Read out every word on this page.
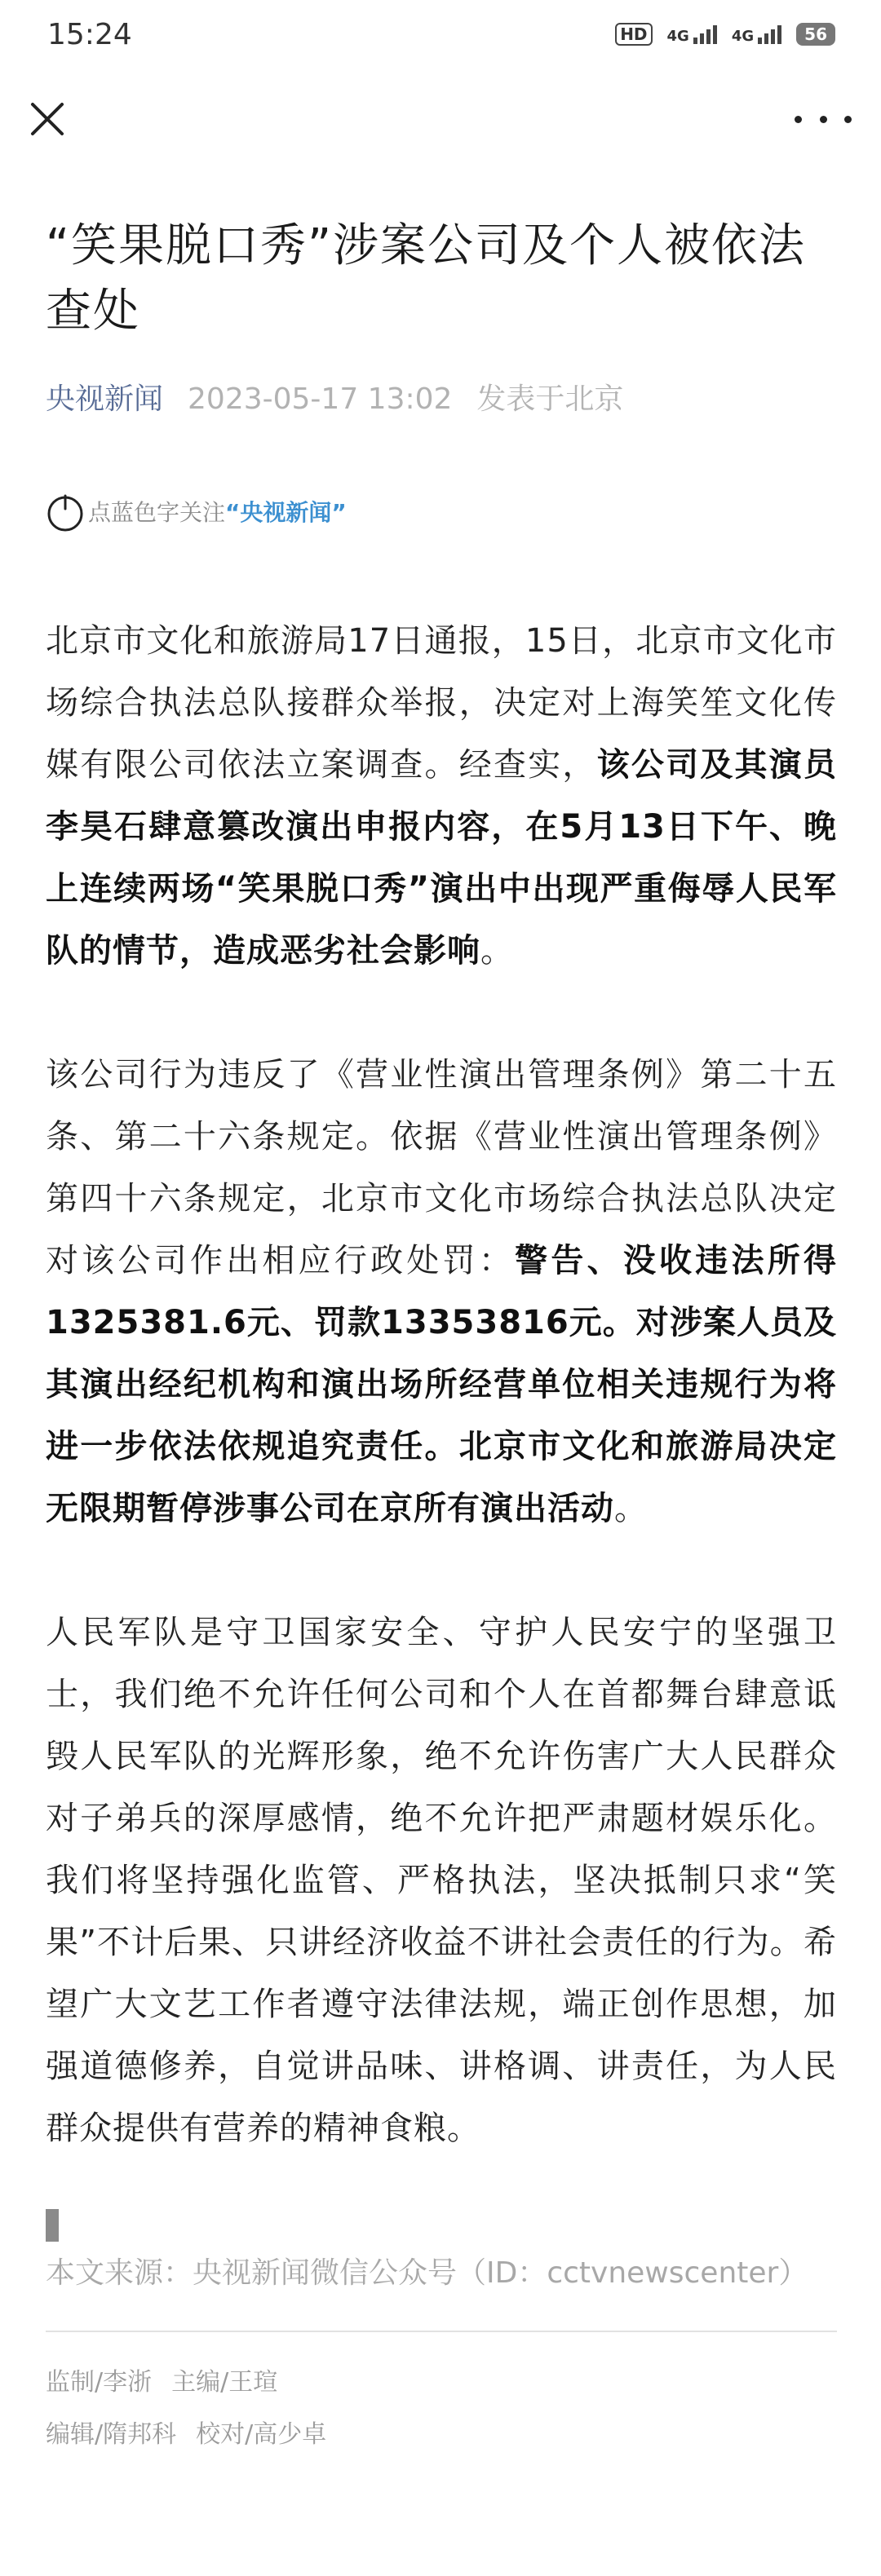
15:24	HD	4G	4G	56
“笑果脱口秀”涉案公司及个人被依法查处
央视新闻 2023-05-17 13:02 发表于北京
点蓝色字关注 “央视新闻”

北京市文化和旅游局17日通报，15日，北京市文化市场综合执法总队接群众举报，决定对上海笑笙文化传媒有限公司依法立案调查。经查实，该公司及其演员李昊石肆意篡改演出申报内容，在5月13日下午、晚上连续两场“笑果脱口秀”演出中出现严重侮辱人民军队的情节，造成恶劣社会影响。

该公司行为违反了《营业性演出管理条例》第二十五条、第二十六条规定。依据《营业性演出管理条例》第四十六条规定，北京市文化市场综合执法总队决定对该公司作出相应行政处罚：警告、没收违法所得1325381.6元、罚款13353816元。对涉案人员及其演出经纪机构和演出场所经营单位相关违规行为将进一步依法依规追究责任。北京市文化和旅游局决定无限期暂停涉事公司在京所有演出活动。

人民军队是守卫国家安全、守护人民安宁的坚强卫士，我们绝不允许任何公司和个人在首都舞台肆意诋毁人民军队的光辉形象，绝不允许伤害广大人民群众对子弟兵的深厚感情，绝不允许把严肃题材娱乐化。我们将坚持强化监管、严格执法，坚决抵制只求“笑果”不计后果、只讲经济收益不讲社会责任的行为。希望广大文艺工作者遵守法律法规，端正创作思想，加强道德修养，自觉讲品味、讲格调、讲责任，为人民群众提供有营养的精神食粮。

本文来源：央视新闻微信公众号（ID：cctvnewscenter）
监制/李浙 主编/王瑄
编辑/隋邦科 校对/高少卓
